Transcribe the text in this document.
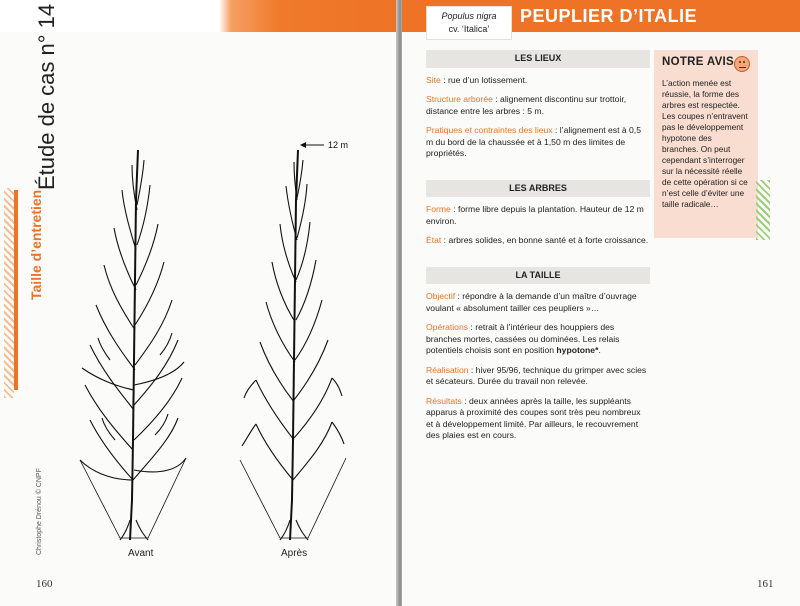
Étude de cas n° 14
Taille d’entretien
Christophe Drénou © CNPF
12 m
Avant	Après
160
Populus nigra
cv. ‘Italica’
PEUPLIER D’ITALIE
LES LIEUX
Site : rue d’un lotissement.
Structure arborée : alignement discontinu sur trottoir, distance entre les arbres : 5 m.
Pratiques et contraintes des lieux : l’alignement est à 0,5 m du bord de la chaussée et à 1,50 m des limites de propriétés.
LES ARBRES
Forme : forme libre depuis la plantation. Hauteur de 12 m environ.
État : arbres solides, en bonne santé et à forte croissance.
LA TAILLE
Objectif : répondre à la demande d’un maître d’ouvrage voulant « absolument tailler ces peupliers »…
Opérations : retrait à l’intérieur des houppiers des branches mortes, cassées ou dominées. Les relais potentiels choisis sont en position hypotone*.
Réalisation : hiver 95/96, technique du grimper avec scies et sécateurs. Durée du travail non relevée.
Résultats : deux années après la taille, les suppléants apparus à proximité des coupes sont très peu nombreux et à développement limité. Par ailleurs, le recouvrement des plaies est en cours.
NOTRE AVIS
L’action menée est réussie, la forme des arbres est respectée. Les coupes n’entravent pas le développement hypotone des branches. On peut cependant s’interroger sur la nécessité réelle de cette opération si ce n’est celle d’éviter une taille radicale…
161
